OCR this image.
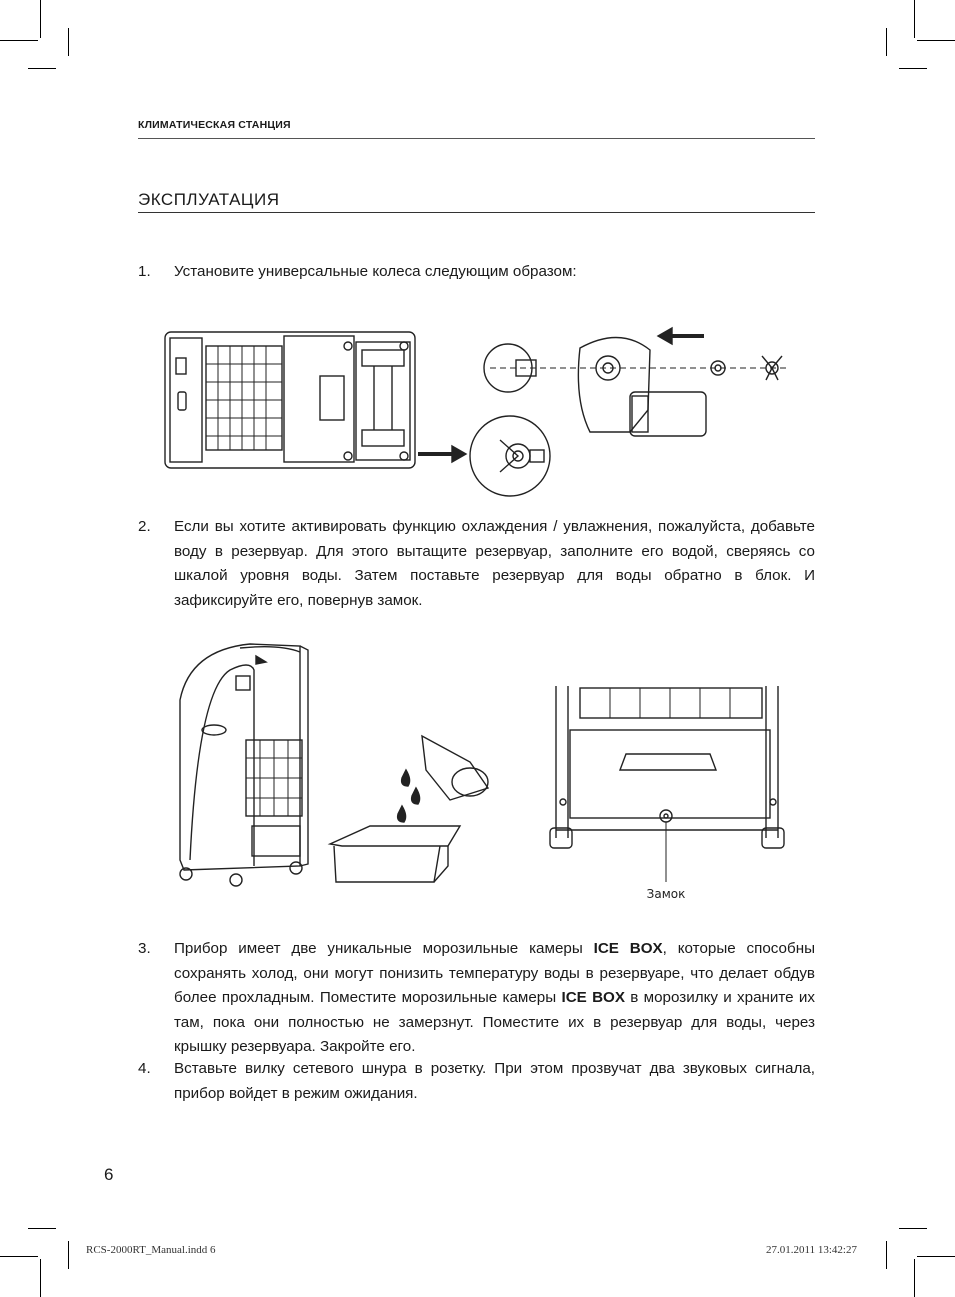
КЛИМАТИЧЕСКАЯ СТАНЦИЯ
ЭКСПЛУАТАЦИЯ
1. Установите универсальные колеса следующим образом:
2. Если вы хотите активировать функцию охлаждения / увлажнения, пожалуйста, добавьте воду в резервуар. Для этого вытащите резервуар, заполните его водой, сверяясь со шкалой уровня воды. Затем поставьте резервуар для воды обратно в блок. И зафиксируйте его, повернув замок.
Замок
3. Прибор имеет две уникальные морозильные камеры ICE BOX, которые способны сохранять холод, они могут понизить температуру воды в резервуаре, что делает обдув более прохладным. Поместите морозильные камеры ICE BOX в морозилку и храните их там, пока они полностью не замерзнут. Поместите их в резервуар для воды, через крышку резервуара. Закройте его.
4. Вставьте вилку сетевого шнура в розетку. При этом прозвучат два звуковых сигнала, прибор войдет в режим ожидания.
6
RCS-2000RT_Manual.indd 6	27.01.2011 13:42:27
